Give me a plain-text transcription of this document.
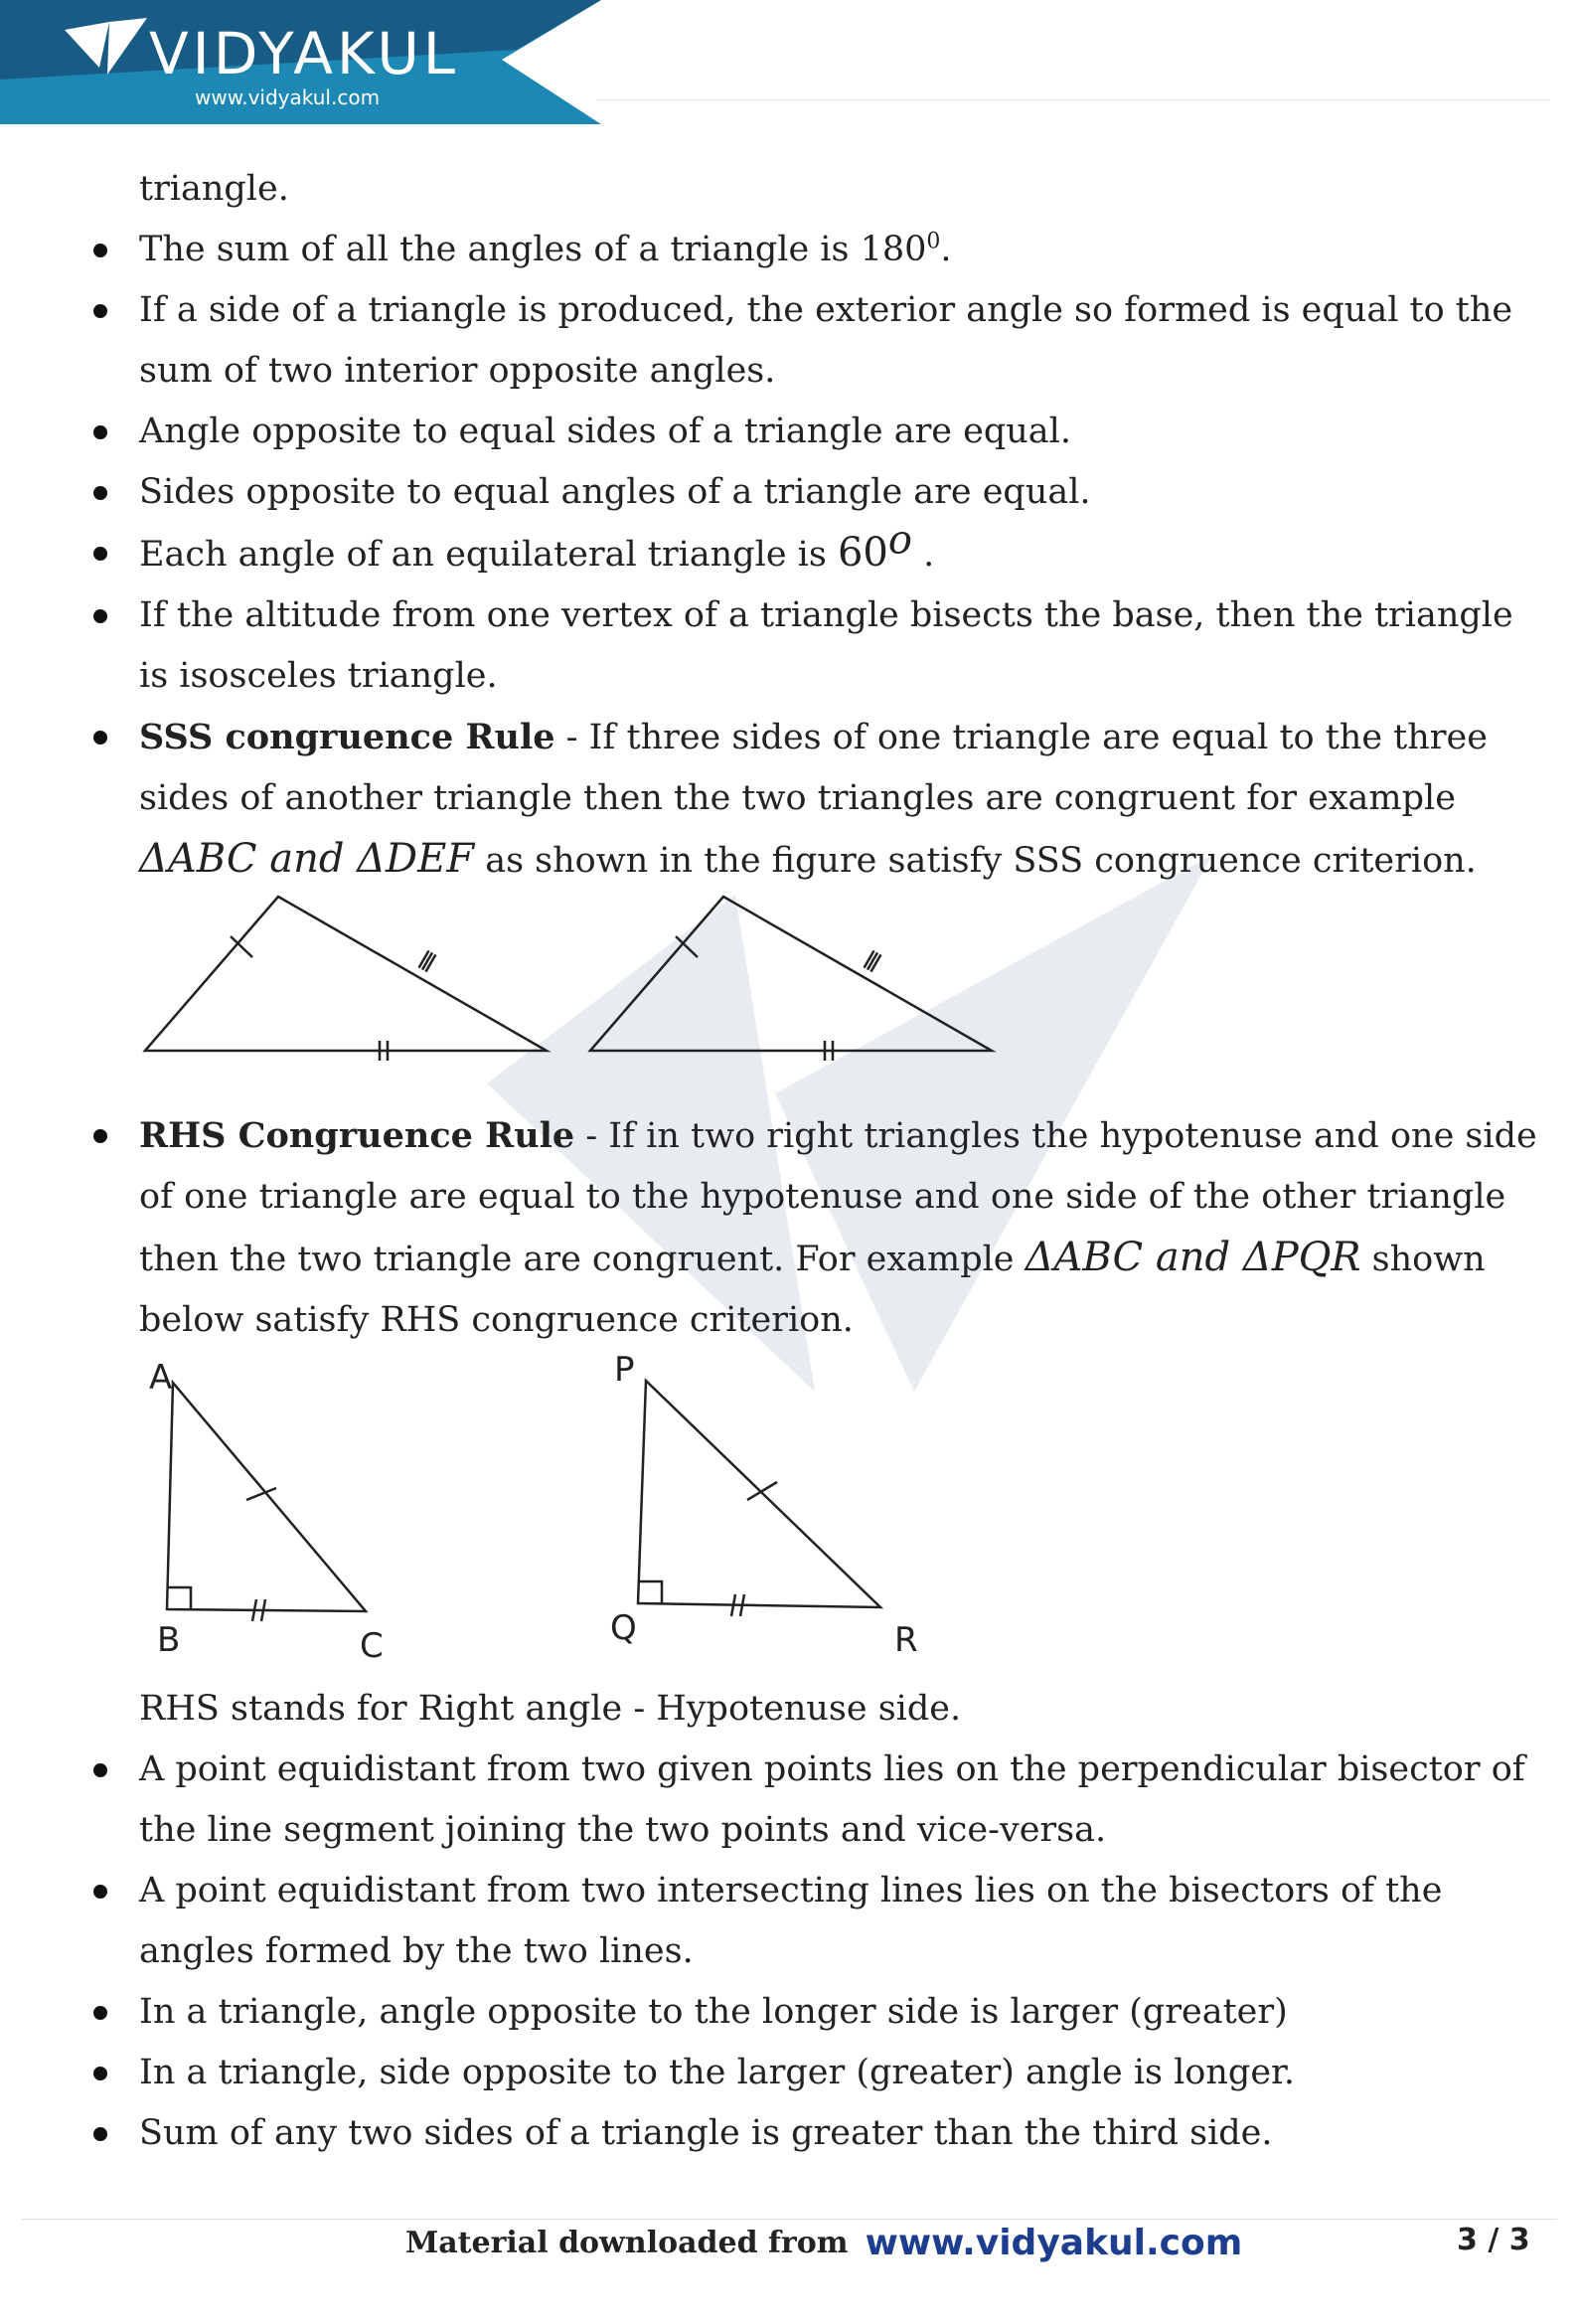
VIDYAKUL
www.vidyakul.com
triangle.
The sum of all the angles of a triangle is $180^0$.
If a side of a triangle is produced, the exterior angle so formed is equal to the sum of two interior opposite angles.
Angle opposite to equal sides of a triangle are equal.
Sides opposite to equal angles of a triangle are equal.
Each angle of an equilateral triangle is 60$^o$ .
If the altitude from one vertex of a triangle bisects the base, then the triangle is isosceles triangle.
SSS congruence Rule - If three sides of one triangle are equal to the three sides of another triangle then the two triangles are congruent for example
ΔABC and ΔDEF as shown in the figure satisfy SSS congruence criterion.
RHS Congruence Rule - If in two right triangles the hypotenuse and one side of one triangle are equal to the hypotenuse and one side of the other triangle then the two triangle are congruent. For example ΔABC and ΔPQR shown below satisfy RHS congruence criterion.
A
B	C
P
Q	R

RHS stands for Right angle - Hypotenuse side.

A point equidistant from two given points lies on the perpendicular bisector of the line segment joining the two points and vice-versa.
A point equidistant from two intersecting lines lies on the bisectors of the angles formed by the two lines.
In a triangle, angle opposite to the longer side is larger (greater)
In a triangle, side opposite to the larger (greater) angle is longer.
Sum of any two sides of a triangle is greater than the third side.
Material downloaded from www.vidyakul.com	3 / 3
